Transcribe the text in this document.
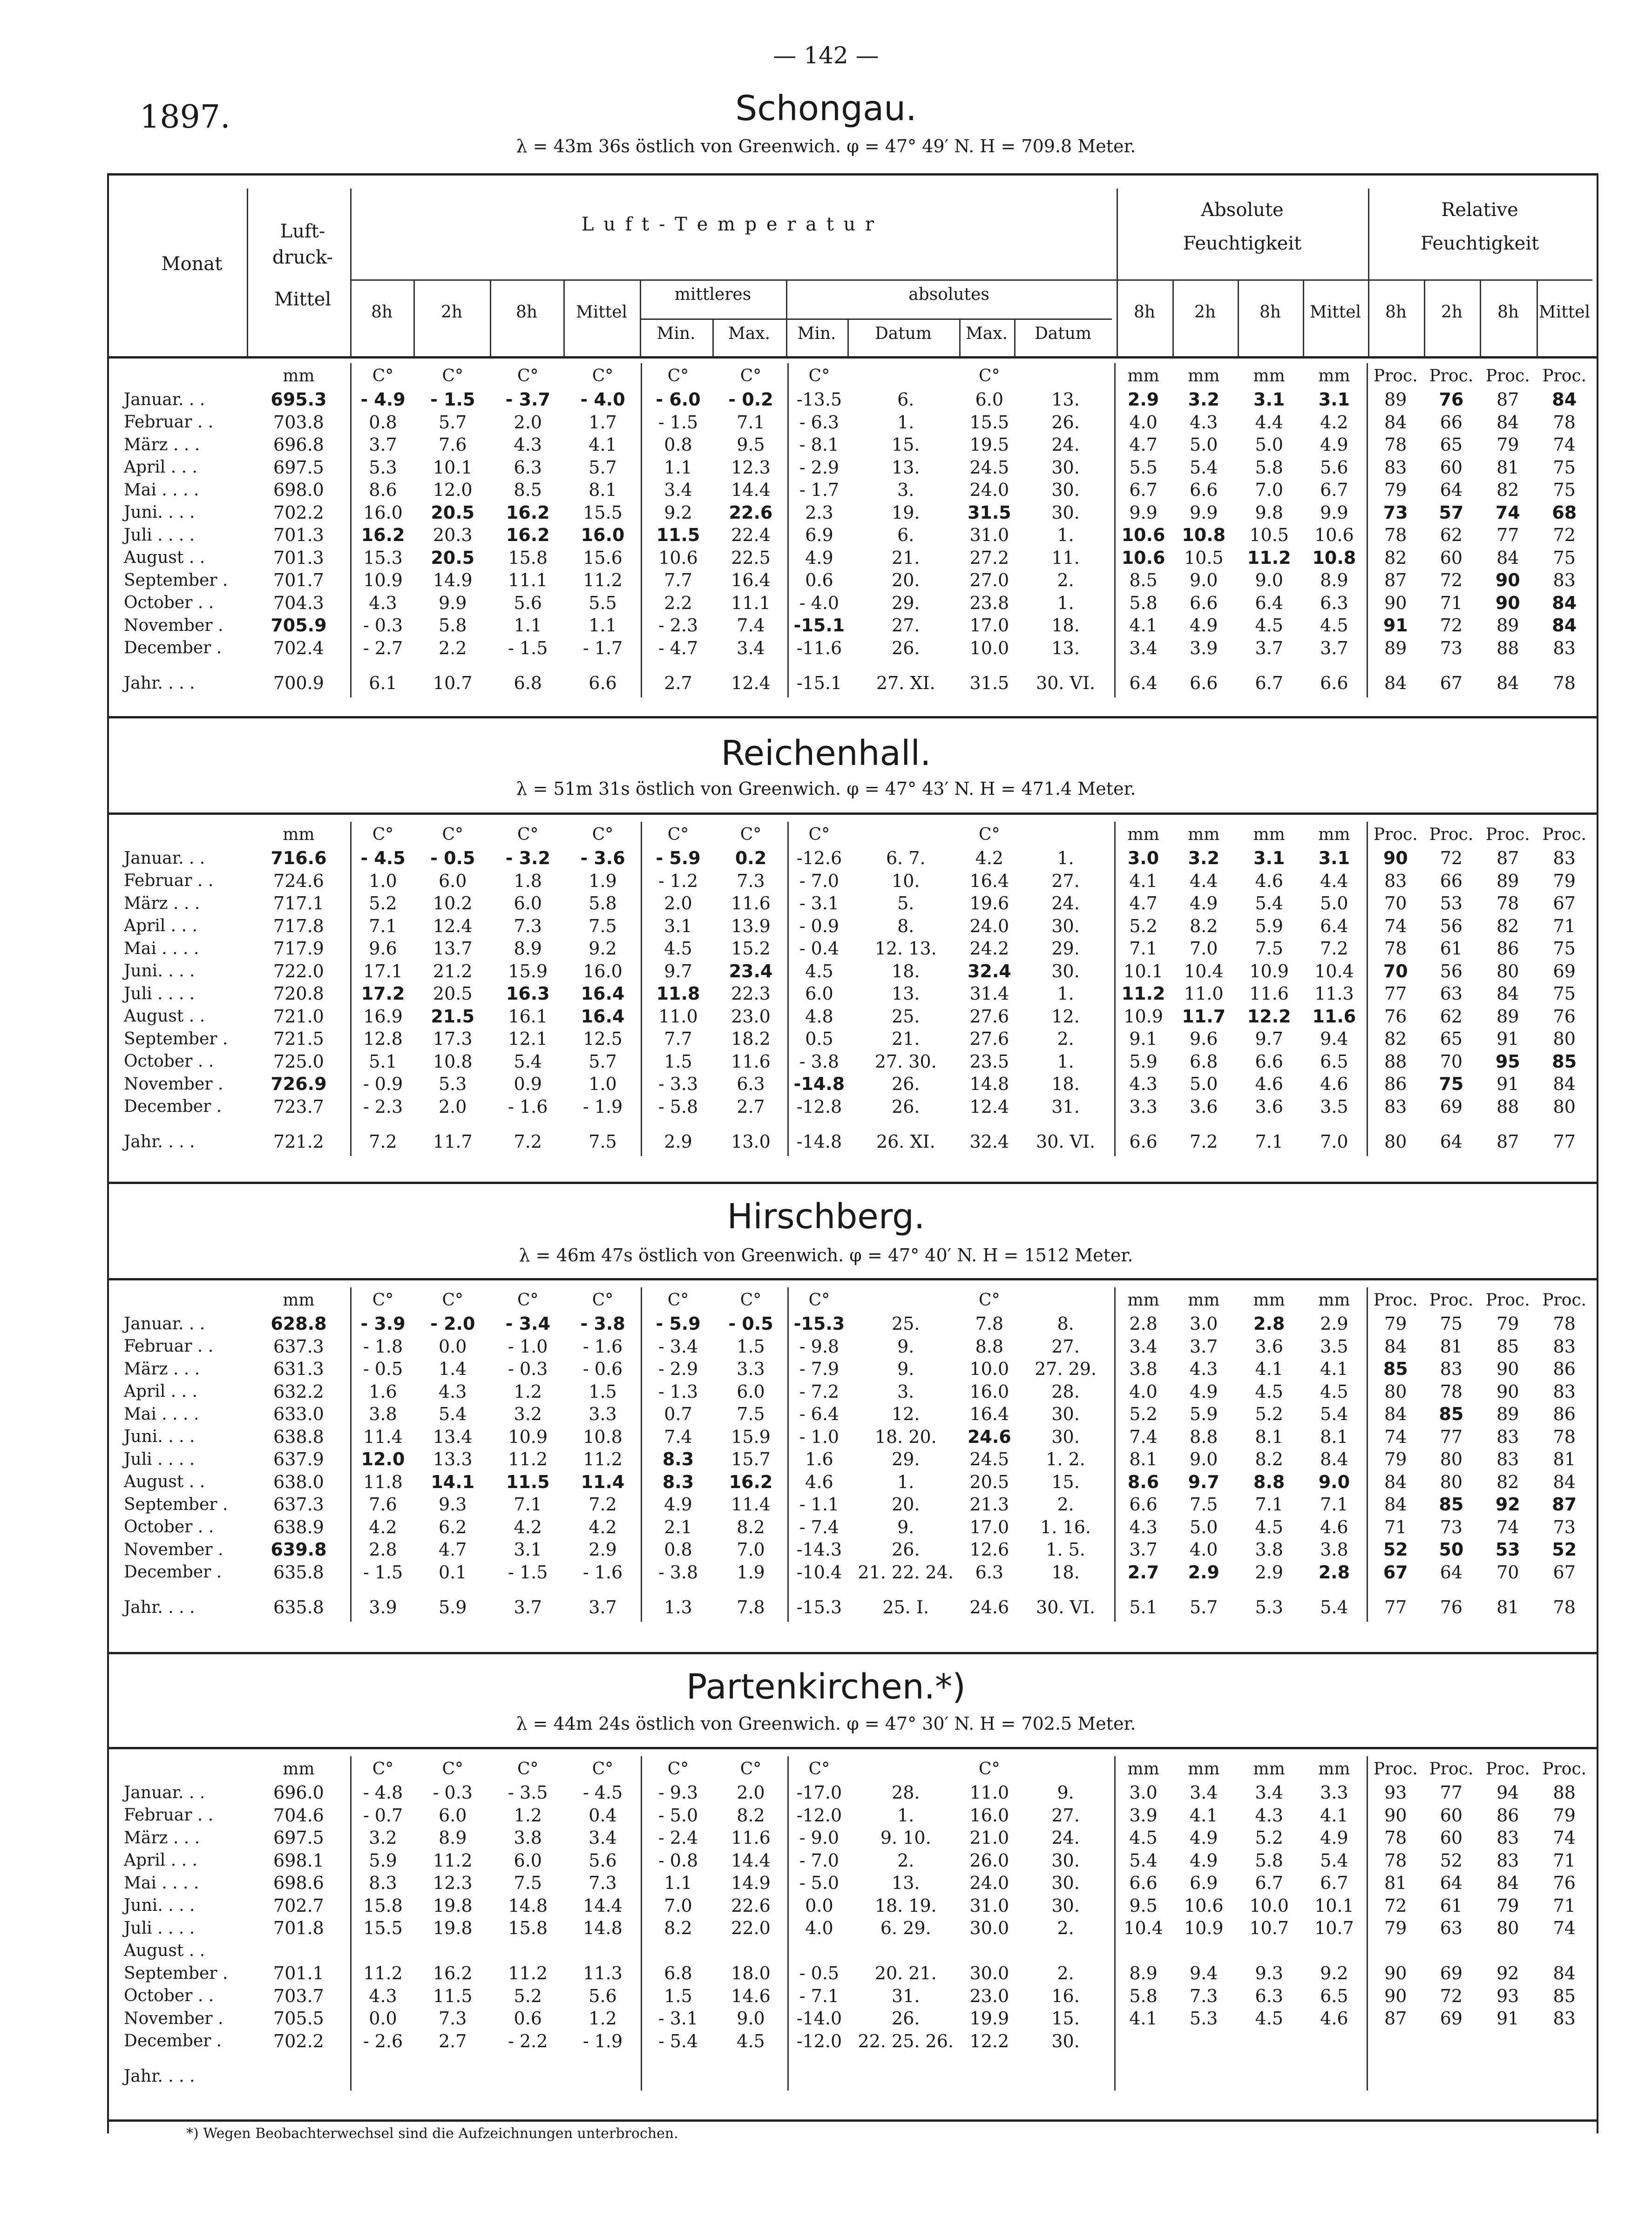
— 142 —
1897.
Monat
Luft-
druck-
Mittel
L u f t - T e m p e r a t u r
Absolute
Feuchtigkeit
Relative
Feuchtigkeit
8h	2h	8h	Mittel
mittleres	absolutes
Min.	Max.	Min.	Datum	Max.	Datum
8h	2h	8h	Mittel	8h	2h	8h	Mittel
Schongau.
λ = 43m 36s östlich von Greenwich. φ = 47° 49′ N. H = 709.8 Meter.
Reichenhall.
λ = 51m 31s östlich von Greenwich. φ = 47° 43′ N. H = 471.4 Meter.
Hirschberg.
λ = 46m 47s östlich von Greenwich. φ = 47° 40′ N. H = 1512 Meter.
Partenkirchen.*)
λ = 44m 24s östlich von Greenwich. φ = 47° 30′ N. H = 702.5 Meter.
*) Wegen Beobachterwechsel sind die Aufzeichnungen unterbrochen.
	mm	C°	C°	C°	C°	C°	C°	C°		C°		mm	mm	mm	mm	Proc.	Proc.	Proc.	Proc.
Januar. . .	695.3	- 4.9	- 1.5	- 3.7	- 4.0	- 6.0	- 0.2	-13.5	6.	6.0	13.	2.9	3.2	3.1	3.1	89	76	87	84
Februar . .	703.8	0.8	5.7	2.0	1.7	- 1.5	7.1	- 6.3	1.	15.5	26.	4.0	4.3	4.4	4.2	84	66	84	78
März . . .	696.8	3.7	7.6	4.3	4.1	0.8	9.5	- 8.1	15.	19.5	24.	4.7	5.0	5.0	4.9	78	65	79	74
April . . .	697.5	5.3	10.1	6.3	5.7	1.1	12.3	- 2.9	13.	24.5	30.	5.5	5.4	5.8	5.6	83	60	81	75
Mai . . . .	698.0	8.6	12.0	8.5	8.1	3.4	14.4	- 1.7	3.	24.0	30.	6.7	6.6	7.0	6.7	79	64	82	75
Juni. . . .	702.2	16.0	20.5	16.2	15.5	9.2	22.6	2.3	19.	31.5	30.	9.9	9.9	9.8	9.9	73	57	74	68
Juli . . . .	701.3	16.2	20.3	16.2	16.0	11.5	22.4	6.9	6.	31.0	1.	10.6	10.8	10.5	10.6	78	62	77	72
August . .	701.3	15.3	20.5	15.8	15.6	10.6	22.5	4.9	21.	27.2	11.	10.6	10.5	11.2	10.8	82	60	84	75
September .	701.7	10.9	14.9	11.1	11.2	7.7	16.4	0.6	20.	27.0	2.	8.5	9.0	9.0	8.9	87	72	90	83
October . .	704.3	4.3	9.9	5.6	5.5	2.2	11.1	- 4.0	29.	23.8	1.	5.8	6.6	6.4	6.3	90	71	90	84
November .	705.9	- 0.3	5.8	1.1	1.1	- 2.3	7.4	-15.1	27.	17.0	18.	4.1	4.9	4.5	4.5	91	72	89	84
December .	702.4	- 2.7	2.2	- 1.5	- 1.7	- 4.7	3.4	-11.6	26.	10.0	13.	3.4	3.9	3.7	3.7	89	73	88	83
Jahr. . . .	700.9	6.1	10.7	6.8	6.6	2.7	12.4	-15.1	27. XI.	31.5	30. VI.	6.4	6.6	6.7	6.6	84	67	84	78
	mm	C°	C°	C°	C°	C°	C°	C°		C°		mm	mm	mm	mm	Proc.	Proc.	Proc.	Proc.
Januar. . .	716.6	- 4.5	- 0.5	- 3.2	- 3.6	- 5.9	0.2	-12.6	6. 7.	4.2	1.	3.0	3.2	3.1	3.1	90	72	87	83
Februar . .	724.6	1.0	6.0	1.8	1.9	- 1.2	7.3	- 7.0	10.	16.4	27.	4.1	4.4	4.6	4.4	83	66	89	79
März . . .	717.1	5.2	10.2	6.0	5.8	2.0	11.6	- 3.1	5.	19.6	24.	4.7	4.9	5.4	5.0	70	53	78	67
April . . .	717.8	7.1	12.4	7.3	7.5	3.1	13.9	- 0.9	8.	24.0	30.	5.2	8.2	5.9	6.4	74	56	82	71
Mai . . . .	717.9	9.6	13.7	8.9	9.2	4.5	15.2	- 0.4	12. 13.	24.2	29.	7.1	7.0	7.5	7.2	78	61	86	75
Juni. . . .	722.0	17.1	21.2	15.9	16.0	9.7	23.4	4.5	18.	32.4	30.	10.1	10.4	10.9	10.4	70	56	80	69
Juli . . . .	720.8	17.2	20.5	16.3	16.4	11.8	22.3	6.0	13.	31.4	1.	11.2	11.0	11.6	11.3	77	63	84	75
August . .	721.0	16.9	21.5	16.1	16.4	11.0	23.0	4.8	25.	27.6	12.	10.9	11.7	12.2	11.6	76	62	89	76
September .	721.5	12.8	17.3	12.1	12.5	7.7	18.2	0.5	21.	27.6	2.	9.1	9.6	9.7	9.4	82	65	91	80
October . .	725.0	5.1	10.8	5.4	5.7	1.5	11.6	- 3.8	27. 30.	23.5	1.	5.9	6.8	6.6	6.5	88	70	95	85
November .	726.9	- 0.9	5.3	0.9	1.0	- 3.3	6.3	-14.8	26.	14.8	18.	4.3	5.0	4.6	4.6	86	75	91	84
December .	723.7	- 2.3	2.0	- 1.6	- 1.9	- 5.8	2.7	-12.8	26.	12.4	31.	3.3	3.6	3.6	3.5	83	69	88	80
Jahr. . . .	721.2	7.2	11.7	7.2	7.5	2.9	13.0	-14.8	26. XI.	32.4	30. VI.	6.6	7.2	7.1	7.0	80	64	87	77
	mm	C°	C°	C°	C°	C°	C°	C°		C°		mm	mm	mm	mm	Proc.	Proc.	Proc.	Proc.
Januar. . .	628.8	- 3.9	- 2.0	- 3.4	- 3.8	- 5.9	- 0.5	-15.3	25.	7.8	8.	2.8	3.0	2.8	2.9	79	75	79	78
Februar . .	637.3	- 1.8	0.0	- 1.0	- 1.6	- 3.4	1.5	- 9.8	9.	8.8	27.	3.4	3.7	3.6	3.5	84	81	85	83
März . . .	631.3	- 0.5	1.4	- 0.3	- 0.6	- 2.9	3.3	- 7.9	9.	10.0	27. 29.	3.8	4.3	4.1	4.1	85	83	90	86
April . . .	632.2	1.6	4.3	1.2	1.5	- 1.3	6.0	- 7.2	3.	16.0	28.	4.0	4.9	4.5	4.5	80	78	90	83
Mai . . . .	633.0	3.8	5.4	3.2	3.3	0.7	7.5	- 6.4	12.	16.4	30.	5.2	5.9	5.2	5.4	84	85	89	86
Juni. . . .	638.8	11.4	13.4	10.9	10.8	7.4	15.9	- 1.0	18. 20.	24.6	30.	7.4	8.8	8.1	8.1	74	77	83	78
Juli . . . .	637.9	12.0	13.3	11.2	11.2	8.3	15.7	1.6	29.	24.5	1. 2.	8.1	9.0	8.2	8.4	79	80	83	81
August . .	638.0	11.8	14.1	11.5	11.4	8.3	16.2	4.6	1.	20.5	15.	8.6	9.7	8.8	9.0	84	80	82	84
September .	637.3	7.6	9.3	7.1	7.2	4.9	11.4	- 1.1	20.	21.3	2.	6.6	7.5	7.1	7.1	84	85	92	87
October . .	638.9	4.2	6.2	4.2	4.2	2.1	8.2	- 7.4	9.	17.0	1. 16.	4.3	5.0	4.5	4.6	71	73	74	73
November .	639.8	2.8	4.7	3.1	2.9	0.8	7.0	-14.3	26.	12.6	1. 5.	3.7	4.0	3.8	3.8	52	50	53	52
December .	635.8	- 1.5	0.1	- 1.5	- 1.6	- 3.8	1.9	-10.4	21. 22. 24.	6.3	18.	2.7	2.9	2.9	2.8	67	64	70	67
Jahr. . . .	635.8	3.9	5.9	3.7	3.7	1.3	7.8	-15.3	25. I.	24.6	30. VI.	5.1	5.7	5.3	5.4	77	76	81	78
	mm	C°	C°	C°	C°	C°	C°	C°		C°		mm	mm	mm	mm	Proc.	Proc.	Proc.	Proc.
Januar. . .	696.0	- 4.8	- 0.3	- 3.5	- 4.5	- 9.3	2.0	-17.0	28.	11.0	9.	3.0	3.4	3.4	3.3	93	77	94	88
Februar . .	704.6	- 0.7	6.0	1.2	0.4	- 5.0	8.2	-12.0	1.	16.0	27.	3.9	4.1	4.3	4.1	90	60	86	79
März . . .	697.5	3.2	8.9	3.8	3.4	- 2.4	11.6	- 9.0	9. 10.	21.0	24.	4.5	4.9	5.2	4.9	78	60	83	74
April . . .	698.1	5.9	11.2	6.0	5.6	- 0.8	14.4	- 7.0	2.	26.0	30.	5.4	4.9	5.8	5.4	78	52	83	71
Mai . . . .	698.6	8.3	12.3	7.5	7.3	1.1	14.9	- 5.0	13.	24.0	30.	6.6	6.9	6.7	6.7	81	64	84	76
Juni. . . .	702.7	15.8	19.8	14.8	14.4	7.0	22.6	0.0	18. 19.	31.0	30.	9.5	10.6	10.0	10.1	72	61	79	71
Juli . . . .	701.8	15.5	19.8	15.8	14.8	8.2	22.0	4.0	6. 29.	30.0	2.	10.4	10.9	10.7	10.7	79	63	80	74
August . .																			
September .	701.1	11.2	16.2	11.2	11.3	6.8	18.0	- 0.5	20. 21.	30.0	2.	8.9	9.4	9.3	9.2	90	69	92	84
October . .	703.7	4.3	11.5	5.2	5.6	1.5	14.6	- 7.1	31.	23.0	16.	5.8	7.3	6.3	6.5	90	72	93	85
November .	705.5	0.0	7.3	0.6	1.2	- 3.1	9.0	-14.0	26.	19.9	15.	4.1	5.3	4.5	4.6	87	69	91	83
December .	702.2	- 2.6	2.7	- 2.2	- 1.9	- 5.4	4.5	-12.0	22. 25. 26.	12.2	30.								
Jahr. . . .																			
